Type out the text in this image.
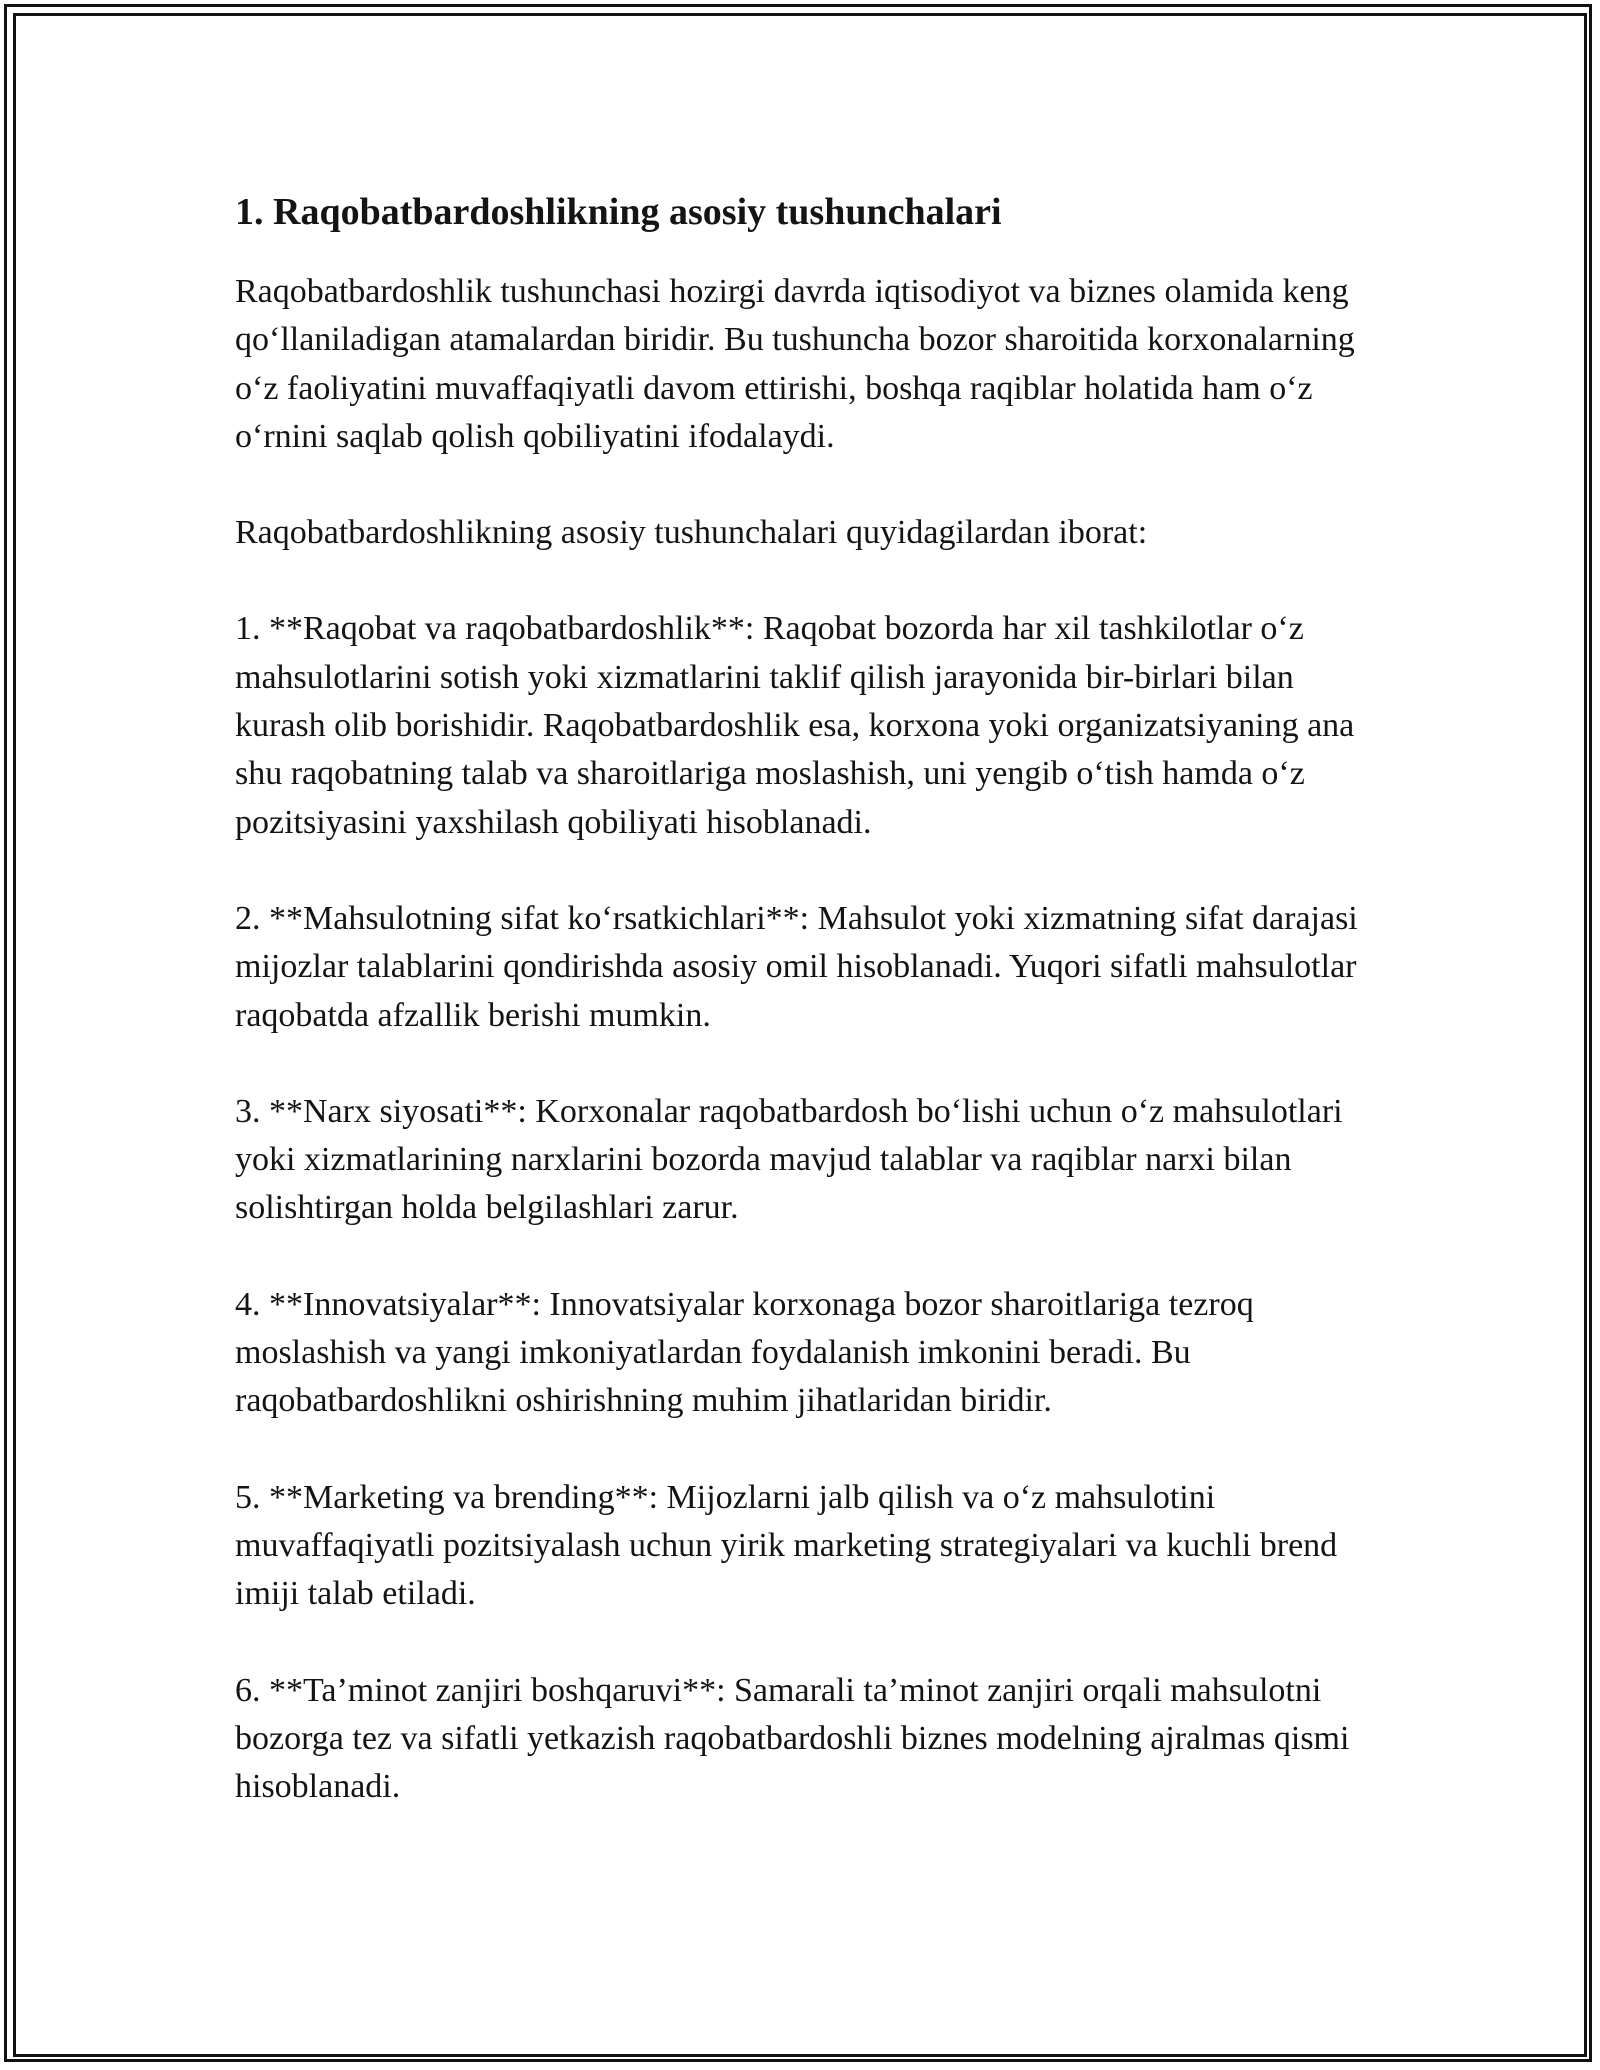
1. Raqobatbardoshlikning asosiy tushunchalari

Raqobatbardoshlik tushunchasi hozirgi davrda iqtisodiyot va biznes olamida keng qo‘llaniladigan atamalardan biridir. Bu tushuncha bozor sharoitida korxonalarning o‘z faoliyatini muvaffaqiyatli davom ettirishi, boshqa raqiblar holatida ham o‘z o‘rnini saqlab qolish qobiliyatini ifodalaydi.

Raqobatbardoshlikning asosiy tushunchalari quyidagilardan iborat:

1. **Raqobat va raqobatbardoshlik**: Raqobat bozorda har xil tashkilotlar o‘z mahsulotlarini sotish yoki xizmatlarini taklif qilish jarayonida bir-birlari bilan kurash olib borishidir. Raqobatbardoshlik esa, korxona yoki organizatsiyaning ana shu raqobatning talab va sharoitlariga moslashish, uni yengib o‘tish hamda o‘z pozitsiyasini yaxshilash qobiliyati hisoblanadi.

2. **Mahsulotning sifat ko‘rsatkichlari**: Mahsulot yoki xizmatning sifat darajasi mijozlar talablarini qondirishda asosiy omil hisoblanadi. Yuqori sifatli mahsulotlar raqobatda afzallik berishi mumkin.

3. **Narx siyosati**: Korxonalar raqobatbardosh bo‘lishi uchun o‘z mahsulotlari yoki xizmatlarining narxlarini bozorda mavjud talablar va raqiblar narxi bilan solishtirgan holda belgilashlari zarur.

4. **Innovatsiyalar**: Innovatsiyalar korxonaga bozor sharoitlariga tezroq moslashish va yangi imkoniyatlardan foydalanish imkonini beradi. Bu raqobatbardoshlikni oshirishning muhim jihatlaridan biridir.

5. **Marketing va brending**: Mijozlarni jalb qilish va o‘z mahsulotini muvaffaqiyatli pozitsiyalash uchun yirik marketing strategiyalari va kuchli brend imiji talab etiladi.

6. **Ta’minot zanjiri boshqaruvi**: Samarali ta’minot zanjiri orqali mahsulotni bozorga tez va sifatli yetkazish raqobatbardoshli biznes modelning ajralmas qismi hisoblanadi.
